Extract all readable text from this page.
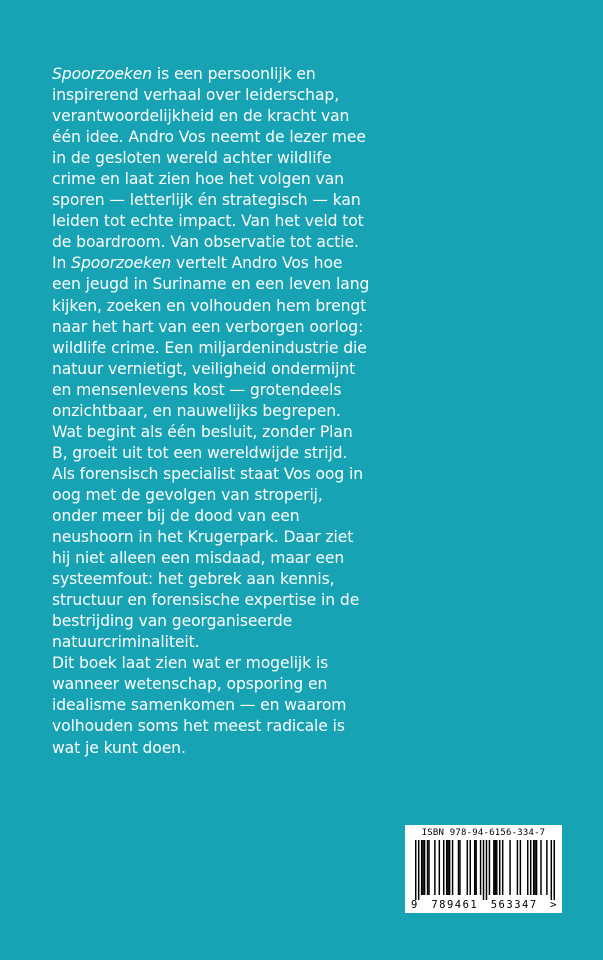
Spoorzoeken is een persoonlijk en inspirerend verhaal over leiderschap, verantwoordelijkheid en de kracht van één idee. Andro Vos neemt de lezer mee in de gesloten wereld achter wildlife crime en laat zien hoe het volgen van sporen — letterlijk én strategisch — kan leiden tot echte impact. Van het veld tot de boardroom. Van observatie tot actie.

In Spoorzoeken vertelt Andro Vos hoe een jeugd in Suriname en een leven lang kijken, zoeken en volhouden hem brengt naar het hart van een verborgen oorlog: wildlife crime. Een miljardenindustrie die natuur vernietigt, veiligheid ondermijnt en mensenlevens kost — grotendeels onzichtbaar, en nauwelijks begrepen.

Wat begint als één besluit, zonder Plan B, groeit uit tot een wereldwijde strijd. Als forensisch specialist staat Vos oog in oog met de gevolgen van stroperij, onder meer bij de dood van een neushoorn in het Krugerpark. Daar ziet hij niet alleen een misdaad, maar een systeemfout: het gebrek aan kennis, structuur en forensische expertise in de bestrijding van georganiseerde natuurcriminaliteit.

Dit boek laat zien wat er mogelijk is wanneer wetenschap, opsporing en idealisme samenkomen — en waarom volhouden soms het meest radicale is wat je kunt doen.

ISBN 978-94-6156-334-7
9 789461 563347 >
